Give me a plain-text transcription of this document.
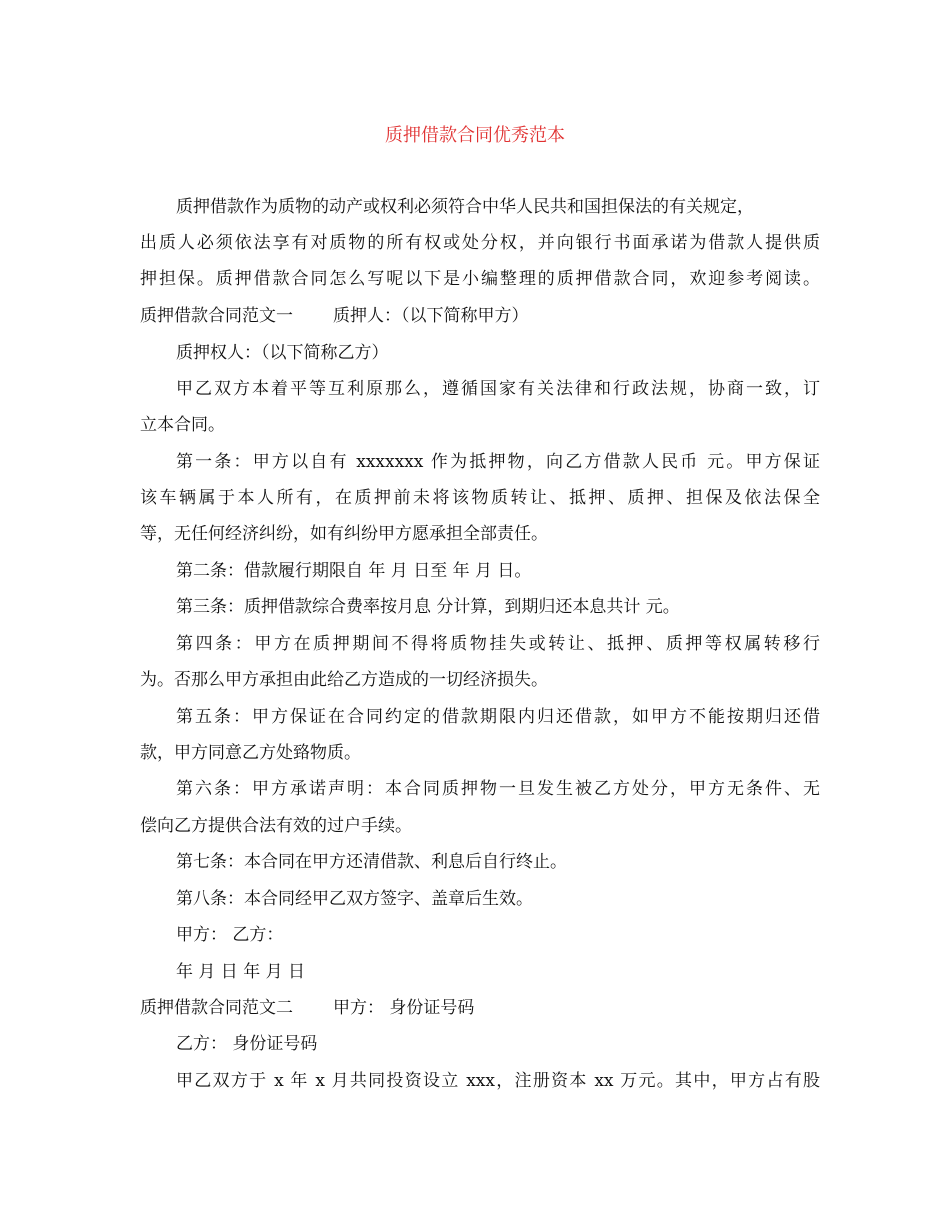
质押借款合同优秀范本
质押借款作为质物的动产或权利必须符合中华人民共和国担保法的有关规定，
出质人必须依法享有对质物的所有权或处分权，并向银行书面承诺为借款人提供质
押担保。质押借款合同怎么写呢以下是小编整理的质押借款合同，欢迎参考阅读。
质押借款合同范文一 质押人：（以下简称甲方）
质押权人：（以下简称乙方）
甲乙双方本着平等互利原那么，遵循国家有关法律和行政法规，协商一致，订
立本合同。
第一条：甲方以自有 xxxxxxx 作为抵押物，向乙方借款人民币 元。甲方保证
该车辆属于本人所有，在质押前未将该物质转让、抵押、质押、担保及依法保全
等，无任何经济纠纷，如有纠纷甲方愿承担全部责任。
第二条：借款履行期限自 年 月 日至 年 月 日。
第三条：质押借款综合费率按月息 分计算，到期归还本息共计 元。
第四条：甲方在质押期间不得将质物挂失或转让、抵押、质押等权属转移行
为。否那么甲方承担由此给乙方造成的一切经济损失。
第五条：甲方保证在合同约定的借款期限内归还借款，如甲方不能按期归还借
款，甲方同意乙方处臵物质。
第六条：甲方承诺声明：本合同质押物一旦发生被乙方处分，甲方无条件、无
偿向乙方提供合法有效的过户手续。
第七条：本合同在甲方还清借款、利息后自行终止。
第八条：本合同经甲乙双方签字、盖章后生效。
甲方： 乙方：
年 月 日 年 月 日
质押借款合同范文二 甲方： 身份证号码
乙方： 身份证号码
甲乙双方于 x 年 x 月共同投资设立 xxx，注册资本 xx 万元。其中，甲方占有股
